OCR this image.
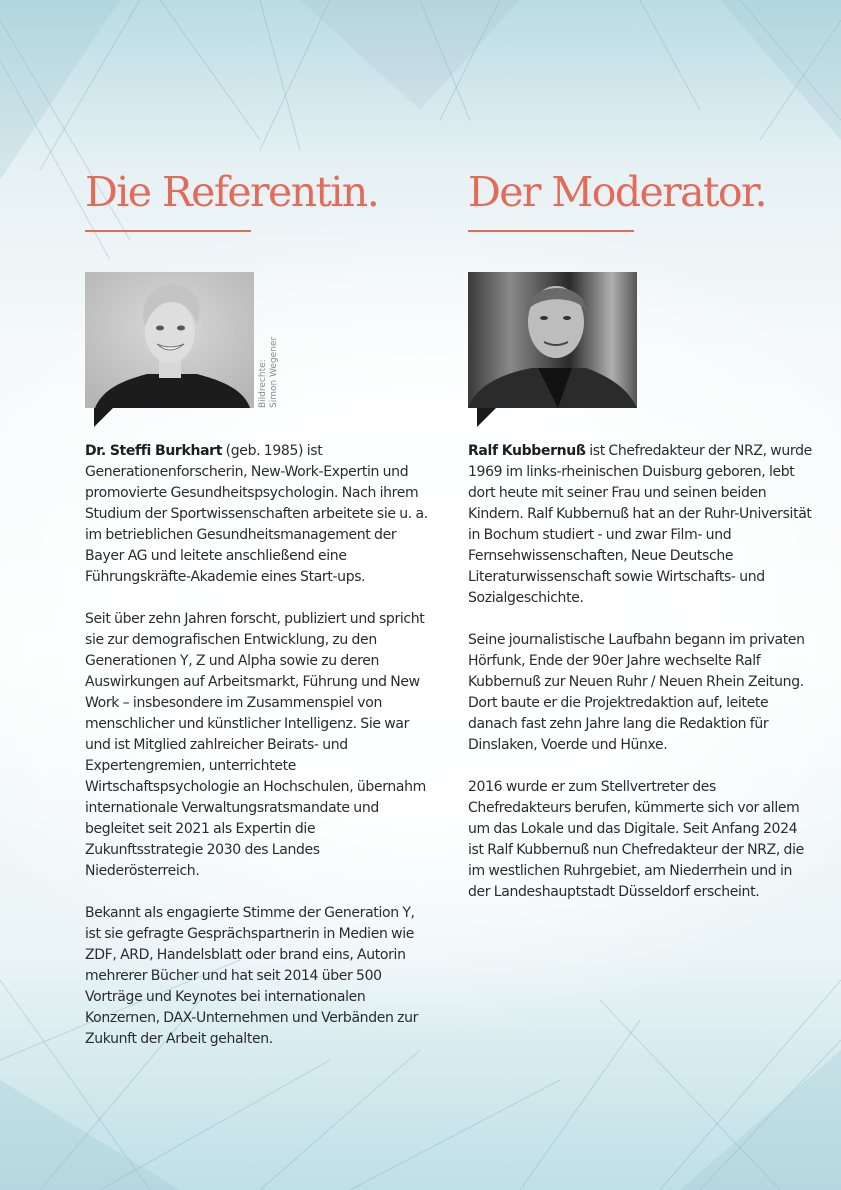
Die Referentin.
Bildrechte: Simon Wegener

Dr. Steffi Burkhart (geb. 1985) ist Generationenforscherin, New-Work-Expertin und promovierte Gesundheitspsychologin. Nach ihrem Studium der Sportwissenschaften arbeitete sie u. a. im betrieblichen Gesundheitsmanagement der Bayer AG und leitete anschließend eine Führungskräfte-Akademie eines Start-ups.

Seit über zehn Jahren forscht, publiziert und spricht sie zur demografischen Entwicklung, zu den Generationen Y, Z und Alpha sowie zu deren Auswirkungen auf Arbeitsmarkt, Führung und New Work – insbesondere im Zusammenspiel von menschlicher und künstlicher Intelligenz. Sie war und ist Mitglied zahlreicher Beirats- und Expertengremien, unterrichtete Wirtschaftspsychologie an Hochschulen, übernahm internationale Verwaltungsratsmandate und begleitet seit 2021 als Expertin die Zukunftsstrategie 2030 des Landes Niederösterreich.

Bekannt als engagierte Stimme der Generation Y, ist sie gefragte Gesprächspartnerin in Medien wie ZDF, ARD, Handelsblatt oder brand eins, Autorin mehrerer Bücher und hat seit 2014 über 500 Vorträge und Keynotes bei internationalen Konzernen, DAX-Unternehmen und Verbänden zur Zukunft der Arbeit gehalten.

Der Moderator.

Ralf Kubbernuß ist Chefredakteur der NRZ, wurde 1969 im links-rheinischen Duisburg geboren, lebt dort heute mit seiner Frau und seinen beiden Kindern. Ralf Kubbernuß hat an der Ruhr-Universität in Bochum studiert - und zwar Film- und Fernsehwissenschaften, Neue Deutsche Literaturwissenschaft sowie Wirtschafts- und Sozialgeschichte.

Seine journalistische Laufbahn begann im privaten Hörfunk, Ende der 90er Jahre wechselte Ralf Kubbernuß zur Neuen Ruhr / Neuen Rhein Zeitung. Dort baute er die Projektredaktion auf, leitete danach fast zehn Jahre lang die Redaktion für Dinslaken, Voerde und Hünxe.

2016 wurde er zum Stellvertreter des Chefredakteurs berufen, kümmerte sich vor allem um das Lokale und das Digitale. Seit Anfang 2024 ist Ralf Kubbernuß nun Chefredakteur der NRZ, die im westlichen Ruhrgebiet, am Niederrhein und in der Landeshauptstadt Düsseldorf erscheint.
